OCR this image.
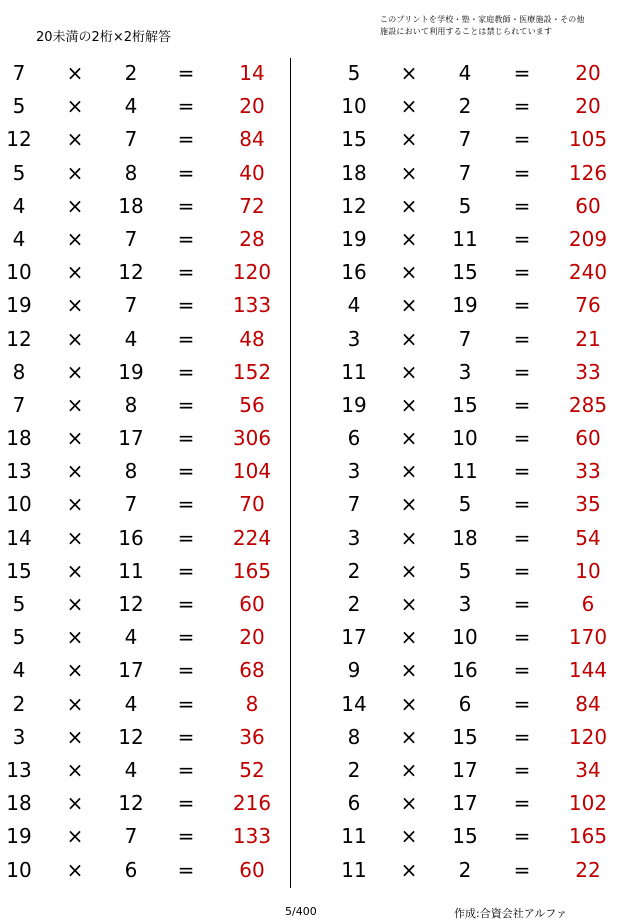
20未満の2桁×2桁解答
このプリントを学校・塾・家庭教師・医療施設・その他
施設において利用することは禁じられています
7	×	2	=	14
5	×	4	=	20
12 ×	7	=	84
5	×	8	=	40
4	× 18 =	72
4	×	7	=	28
10 × 12 =	120
19 ×	7	=	133
12 ×	4	=	48
8	× 19 =	152
7	×	8	=	56
18 × 17 =	306
13 ×	8	=	104
10 ×	7	=	70
14 × 16 =	224
15 × 11 =	165
5	× 12 =	60
5	×	4	=	20
4	× 17 =	68
2	×	4	=	8
3	× 12 =	36
13 ×	4	=	52
18 × 12 =	216
19 ×	7	=	133
10 ×	6	=	60
5	×	4	=	20
10 ×	2	=	20
15 ×	7	=	105
18 ×	7	=	126
12 ×	5	=	60
19 × 11 =	209
16 × 15 =	240
4	× 19 =	76
3	×	7	=	21
11 ×	3	=	33
19 × 15 =	285
6	× 10 =	60
3	× 11 =	33
7	×	5	=	35
3	× 18 =	54
2	×	5	=	10
2	×	3	=	6
17 × 10 =	170
9	× 16 =	144
14 ×	6	=	84
8	× 15 =	120
2	× 17 =	34
6	× 17 =	102
11 × 15 =	165
11 ×	2	=	22
5/400	作成:合資会社アルファ
